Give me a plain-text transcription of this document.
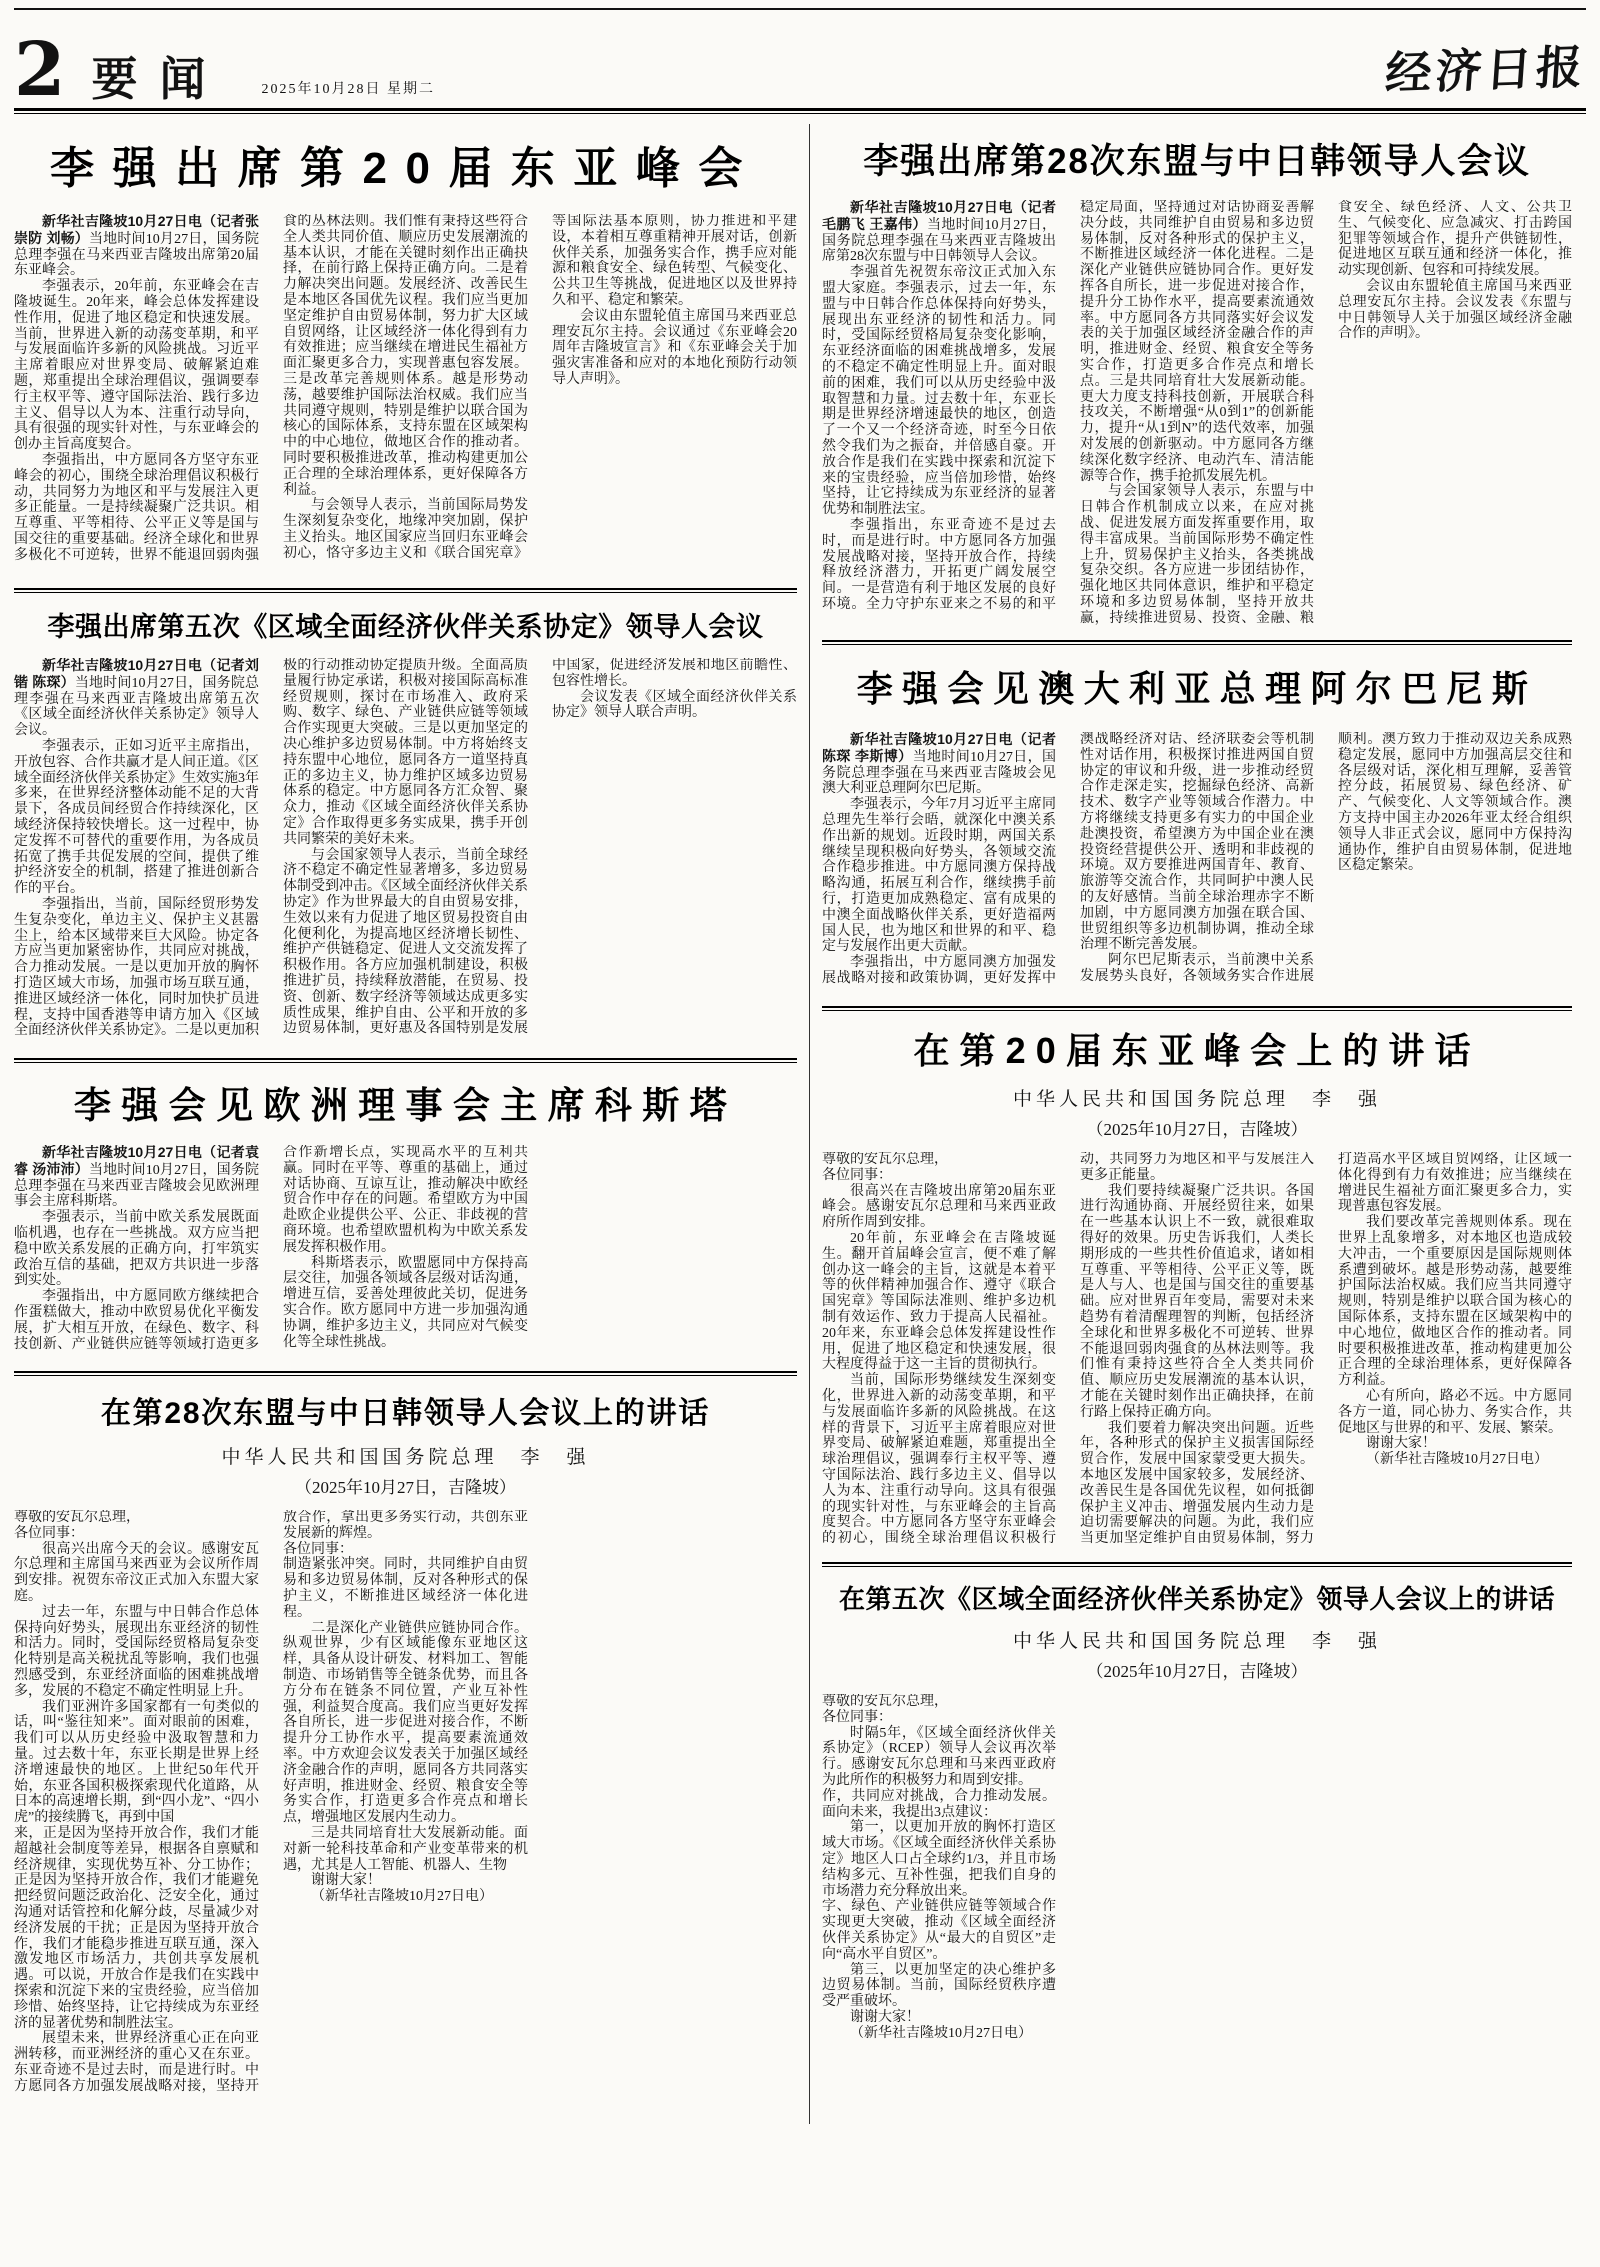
2 要闻 2025年10月28日 星期二	经济日报
李强出席第20届东亚峰会

新华社吉隆坡10月27日电（记者张崇防 刘畅）当地时间10月27日，国务院总理李强在马来西亚吉隆坡出席第20届东亚峰会。

李强表示，20年前，东亚峰会在吉隆坡诞生。20年来，峰会总体发挥建设性作用，促进了地区稳定和快速发展。当前，世界进入新的动荡变革期，和平与发展面临许多新的风险挑战。习近平主席着眼应对世界变局、破解紧迫难题，郑重提出全球治理倡议，强调要奉行主权平等、遵守国际法治、践行多边主义、倡导以人为本、注重行动导向，具有很强的现实针对性，与东亚峰会的创办主旨高度契合。

李强指出，中方愿同各方坚守东亚峰会的初心，围绕全球治理倡议积极行动，共同努力为地区和平与发展注入更多正能量。一是持续凝聚广泛共识。相互尊重、平等相待、公平正义等是国与国交往的重要基础。经济全球化和世界多极化不可逆转，世界不能退回弱肉强食的丛林法则。我们惟有秉持这些符合全人类共同价值、顺应历史发展潮流的基本认识，才能在关键时刻作出正确抉择，在前行路上保持正确方向。二是着力解决突出问题。发展经济、改善民生是本地区各国优先议程。我们应当更加坚定维护自由贸易体制，努力扩大区域自贸网络，让区域经济一体化得到有力有效推进；应当继续在增进民生福祉方面汇聚更多合力，实现普惠包容发展。三是改革完善规则体系。越是形势动荡，越要维护国际法治权威。我们应当共同遵守规则，特别是维护以联合国为核心的国际体系，支持东盟在区域架构中的中心地位，做地区合作的推动者。同时要积极推进改革，推动构建更加公正合理的全球治理体系，更好保障各方利益。

与会领导人表示，当前国际局势发生深刻复杂变化，地缘冲突加剧，保护主义抬头。地区国家应当回归东亚峰会初心，恪守多边主义和《联合国宪章》等国际法基本原则，协力推进和平建设，本着相互尊重精神开展对话，创新伙伴关系，加强务实合作，携手应对能源和粮食安全、绿色转型、气候变化、公共卫生等挑战，促进地区以及世界持久和平、稳定和繁荣。

会议由东盟轮值主席国马来西亚总理安瓦尔主持。会议通过《东亚峰会20周年吉隆坡宣言》和《东亚峰会关于加强灾害准备和应对的本地化预防行动领导人声明》。

李强出席第五次《区域全面经济伙伴关系协定》领导人会议

新华社吉隆坡10月27日电（记者刘锴 陈琛）当地时间10月27日，国务院总理李强在马来西亚吉隆坡出席第五次《区域全面经济伙伴关系协定》领导人会议。

李强表示，正如习近平主席指出，开放包容、合作共赢才是人间正道。《区域全面经济伙伴关系协定》生效实施3年多来，在世界经济整体动能不足的大背景下，各成员间经贸合作持续深化，区域经济保持较快增长。这一过程中，协定发挥不可替代的重要作用，为各成员拓宽了携手共促发展的空间，提供了维护经济安全的机制，搭建了推进创新合作的平台。

李强指出，当前，国际经贸形势发生复杂变化，单边主义、保护主义甚嚣尘上，给本区域带来巨大风险。协定各方应当更加紧密协作，共同应对挑战，合力推动发展。一是以更加开放的胸怀打造区域大市场，加强市场互联互通，推进区域经济一体化，同时加快扩员进程，支持中国香港等申请方加入《区域全面经济伙伴关系协定》。二是以更加积极的行动推动协定提质升级。全面高质量履行协定承诺，积极对接国际高标准经贸规则，探讨在市场准入、政府采购、数字、绿色、产业链供应链等领域合作实现更大突破。三是以更加坚定的决心维护多边贸易体制。中方将始终支持东盟中心地位，愿同各方一道坚持真正的多边主义，协力维护区域多边贸易体系的稳定。中方愿同各方汇众智、聚众力，推动《区域全面经济伙伴关系协定》合作取得更多务实成果，携手开创共同繁荣的美好未来。

与会国家领导人表示，当前全球经济不稳定不确定性显著增多，多边贸易体制受到冲击。《区域全面经济伙伴关系协定》作为世界最大的自由贸易安排，生效以来有力促进了地区贸易投资自由化便利化，为提高地区经济增长韧性、维护产供链稳定、促进人文交流发挥了积极作用。各方应加强机制建设，积极推进扩员，持续释放潜能，在贸易、投资、创新、数字经济等领域达成更多实质性成果，维护自由、公平和开放的多边贸易体制，更好惠及各国特别是发展中国家，促进经济发展和地区前瞻性、包容性增长。

会议发表《区域全面经济伙伴关系协定》领导人联合声明。

李强会见欧洲理事会主席科斯塔

新华社吉隆坡10月27日电（记者袁睿 汤沛沛）当地时间10月27日，国务院总理李强在马来西亚吉隆坡会见欧洲理事会主席科斯塔。

李强表示，当前中欧关系发展既面临机遇，也存在一些挑战。双方应当把稳中欧关系发展的正确方向，打牢筑实政治互信的基础，把双方共识进一步落到实处。

李强指出，中方愿同欧方继续把合作蛋糕做大，推动中欧贸易优化平衡发展，扩大相互开放，在绿色、数字、科技创新、产业链供应链等领域打造更多合作新增长点，实现高水平的互利共赢。同时在平等、尊重的基础上，通过对话协商、互谅互让，推动解决中欧经贸合作中存在的问题。希望欧方为中国赴欧企业提供公平、公正、非歧视的营商环境。也希望欧盟机构为中欧关系发展发挥积极作用。

科斯塔表示，欧盟愿同中方保持高层交往，加强各领域各层级对话沟通，增进互信，妥善处理彼此关切，促进务实合作。欧方愿同中方进一步加强沟通协调，维护多边主义，共同应对气候变化等全球性挑战。

在第28次东盟与中日韩领导人会议上的讲话
中华人民共和国国务院总理　李　强
（2025年10月27日，吉隆坡）

尊敬的安瓦尔总理，

各位同事：

很高兴出席今天的会议。感谢安瓦尔总理和主席国马来西亚为会议所作周到安排。祝贺东帝汶正式加入东盟大家庭。

过去一年，东盟与中日韩合作总体保持向好势头，展现出东亚经济的韧性和活力。同时，受国际经贸格局复杂变化特别是高关税扰乱等影响，我们也强烈感受到，东亚经济面临的困难挑战增多，发展的不稳定不确定性明显上升。

我们亚洲许多国家都有一句类似的话，叫“鉴往知来”。面对眼前的困难，我们可以从历史经验中汲取智慧和力量。过去数十年，东亚长期是世界上经济增速最快的地区。上世纪50年代开始，东亚各国积极探索现代化道路，从日本的高速增长期，到“四小龙”、“四小虎”的接续腾飞，再到中国

来，正是因为坚持开放合作，我们才能超越社会制度等差异，根据各自禀赋和经济规律，实现优势互补、分工协作；正是因为坚持开放合作，我们才能避免把经贸问题泛政治化、泛安全化，通过沟通对话管控和化解分歧，尽量减少对经济发展的干扰；正是因为坚持开放合作，我们才能稳步推进互联互通，深入激发地区市场活力，共创共享发展机遇。可以说，开放合作是我们在实践中探索和沉淀下来的宝贵经验，应当倍加珍惜、始终坚持，让它持续成为东亚经济的显著优势和制胜法宝。

展望未来，世界经济重心正在向亚洲转移，而亚洲经济的重心又在东亚。东亚奇迹不是过去时，而是进行时。中方愿同各方加强发展战略对接，坚持开放合作，拿出更多务实行动，共创东亚发展新的辉煌。

各位同事：

制造紧张冲突。同时，共同维护自由贸易和多边贸易体制，反对各种形式的保护主义，不断推进区域经济一体化进程。

二是深化产业链供应链协同合作。纵观世界，少有区域能像东亚地区这样，具备从设计研发、材料加工、智能制造、市场销售等全链条优势，而且各方分布在链条不同位置，产业互补性强，利益契合度高。我们应当更好发挥各自所长，进一步促进对接合作，不断提升分工协作水平，提高要素流通效率。中方欢迎会议发表关于加强区域经济金融合作的声明，愿同各方共同落实好声明，推进财金、经贸、粮食安全等务实合作，打造更多合作亮点和增长点，增强地区发展内生动力。

三是共同培育壮大发展新动能。面对新一轮科技革命和产业变革带来的机遇，尤其是人工智能、机器人、生物

谢谢大家！

（新华社吉隆坡10月27日电）

李强出席第28次东盟与中日韩领导人会议

新华社吉隆坡10月27日电（记者毛鹏飞 王嘉伟）当地时间10月27日，国务院总理李强在马来西亚吉隆坡出席第28次东盟与中日韩领导人会议。

李强首先祝贺东帝汶正式加入东盟大家庭。李强表示，过去一年，东盟与中日韩合作总体保持向好势头，展现出东亚经济的韧性和活力。同时，受国际经贸格局复杂变化影响，东亚经济面临的困难挑战增多，发展的不稳定不确定性明显上升。面对眼前的困难，我们可以从历史经验中汲取智慧和力量。过去数十年，东亚长期是世界经济增速最快的地区，创造了一个又一个经济奇迹，时至今日依然令我们为之振奋，并倍感自豪。开放合作是我们在实践中探索和沉淀下来的宝贵经验，应当倍加珍惜，始终坚持，让它持续成为东亚经济的显著优势和制胜法宝。

李强指出，东亚奇迹不是过去时，而是进行时。中方愿同各方加强发展战略对接，坚持开放合作，持续释放经济潜力，开拓更广阔发展空间。一是营造有利于地区发展的良好环境。全力守护东亚来之不易的和平稳定局面，坚持通过对话协商妥善解决分歧，共同维护自由贸易和多边贸易体制，反对各种形式的保护主义，不断推进区域经济一体化进程。二是深化产业链供应链协同合作。更好发挥各自所长，进一步促进对接合作，提升分工协作水平，提高要素流通效率。中方愿同各方共同落实好会议发表的关于加强区域经济金融合作的声明，推进财金、经贸、粮食安全等务实合作，打造更多合作亮点和增长点。三是共同培育壮大发展新动能。更大力度支持科技创新，开展联合科技攻关，不断增强“从0到1”的创新能力，提升“从1到N”的迭代效率，加强对发展的创新驱动。中方愿同各方继续深化数字经济、电动汽车、清洁能源等合作，携手抢抓发展先机。

与会国家领导人表示，东盟与中日韩合作机制成立以来，在应对挑战、促进发展方面发挥重要作用，取得丰富成果。当前国际形势不确定性上升，贸易保护主义抬头，各类挑战复杂交织。各方应进一步团结协作，强化地区共同体意识，维护和平稳定环境和多边贸易体制，坚持开放共赢，持续推进贸易、投资、金融、粮食安全、绿色经济、人文、公共卫生、气候变化、应急减灾、打击跨国犯罪等领域合作，提升产供链韧性，促进地区互联互通和经济一体化，推动实现创新、包容和可持续发展。

会议由东盟轮值主席国马来西亚总理安瓦尔主持。会议发表《东盟与中日韩领导人关于加强区域经济金融合作的声明》。

李强会见澳大利亚总理阿尔巴尼斯

新华社吉隆坡10月27日电（记者陈琛 李斯博）当地时间10月27日，国务院总理李强在马来西亚吉隆坡会见澳大利亚总理阿尔巴尼斯。

李强表示，今年7月习近平主席同总理先生举行会晤，就深化中澳关系作出新的规划。近段时期，两国关系继续呈现积极向好势头，各领域交流合作稳步推进。中方愿同澳方保持战略沟通，拓展互利合作，继续携手前行，打造更加成熟稳定、富有成果的中澳全面战略伙伴关系，更好造福两国人民，也为地区和世界的和平、稳定与发展作出更大贡献。

李强指出，中方愿同澳方加强发展战略对接和政策协调，更好发挥中澳战略经济对话、经济联委会等机制性对话作用，积极探讨推进两国自贸协定的审议和升级，进一步推动经贸合作走深走实，挖掘绿色经济、高新技术、数字产业等领域合作潜力。中方将继续支持更多有实力的中国企业赴澳投资，希望澳方为中国企业在澳投资经营提供公开、透明和非歧视的环境。双方要推进两国青年、教育、旅游等交流合作，共同呵护中澳人民的友好感情。当前全球治理赤字不断加剧，中方愿同澳方加强在联合国、世贸组织等多边机制协调，推动全球治理不断完善发展。

阿尔巴尼斯表示，当前澳中关系发展势头良好，各领域务实合作进展顺利。澳方致力于推动双边关系成熟稳定发展，愿同中方加强高层交往和各层级对话，深化相互理解，妥善管控分歧，拓展贸易、绿色经济、矿产、气候变化、人文等领域合作。澳方支持中国主办2026年亚太经合组织领导人非正式会议，愿同中方保持沟通协作，维护自由贸易体制，促进地区稳定繁荣。

在第20届东亚峰会上的讲话
中华人民共和国国务院总理　李　强
（2025年10月27日，吉隆坡）

尊敬的安瓦尔总理，

各位同事：

很高兴在吉隆坡出席第20届东亚峰会。感谢安瓦尔总理和马来西亚政府所作周到安排。

20年前，东亚峰会在吉隆坡诞生。翻开首届峰会宣言，便不难了解创办这一峰会的主旨，这就是本着平等的伙伴精神加强合作、遵守《联合国宪章》等国际法准则、维护多边机制有效运作、致力于提高人民福祉。20年来，东亚峰会总体发挥建设性作用，促进了地区稳定和快速发展，很大程度得益于这一主旨的贯彻执行。

当前，国际形势继续发生深刻变化，世界进入新的动荡变革期，和平与发展面临许多新的风险挑战。在这样的背景下，习近平主席着眼应对世界变局、破解紧迫难题，郑重提出全球治理倡议，强调奉行主权平等、遵守国际法治、践行多边主义、倡导以人为本、注重行动导向。这具有很强的现实针对性，与东亚峰会的主旨高度契合。中方愿同各方坚守东亚峰会的初心，围绕全球治理倡议积极行动，共同努力为地区和平与发展注入更多正能量。

我们要持续凝聚广泛共识。各国进行沟通协商、开展经贸往来，如果在一些基本认识上不一致，就很难取得好的效果。历史告诉我们，人类长期形成的一些共性价值追求，诸如相互尊重、平等相待、公平正义等，既是人与人、也是国与国交往的重要基础。应对世界百年变局，需要对未来趋势有着清醒理智的判断，包括经济全球化和世界多极化不可逆转、世界不能退回弱肉强食的丛林法则等。我们惟有秉持这些符合全人类共同价值、顺应历史发展潮流的基本认识，才能在关键时刻作出正确抉择，在前行路上保持正确方向。

我们要着力解决突出问题。近些年，各种形式的保护主义损害国际经贸合作，发展中国家蒙受更大损失。本地区发展中国家较多，发展经济、改善民生是各国优先议程，如何抵御保护主义冲击、增强发展内生动力是迫切需要解决的问题。为此，我们应当更加坚定维护自由贸易体制，努力打造高水平区域自贸网络，让区域一体化得到有力有效推进；应当继续在增进民生福祉方面汇聚更多合力，实现普惠包容发展。

我们要改革完善规则体系。现在世界上乱象增多，对本地区也造成较大冲击，一个重要原因是国际规则体系遭到破坏。越是形势动荡，越要维护国际法治权威。我们应当共同遵守规则，特别是维护以联合国为核心的国际体系，支持东盟在区域架构中的中心地位，做地区合作的推动者。同时要积极推进改革，推动构建更加公正合理的全球治理体系，更好保障各方利益。

心有所向，路必不远。中方愿同各方一道，同心协力、务实合作，共促地区与世界的和平、发展、繁荣。

谢谢大家！

（新华社吉隆坡10月27日电）

在第五次《区域全面经济伙伴关系协定》领导人会议上的讲话
中华人民共和国国务院总理　李　强
（2025年10月27日，吉隆坡）

尊敬的安瓦尔总理，

各位同事：

时隔5年，《区域全面经济伙伴关系协定》（RCEP）领导人会议再次举行。感谢安瓦尔总理和马来西亚政府为此所作的积极努力和周到安排。

作，共同应对挑战，合力推动发展。面向未来，我提出3点建议：

第一，以更加开放的胸怀打造区域大市场。《区域全面经济伙伴关系协定》地区人口占全球约1/3，并且市场结构多元、互补性强，把我们自身的市场潜力充分释放出来。

字、绿色、产业链供应链等领域合作实现更大突破，推动《区域全面经济伙伴关系协定》从“最大的自贸区”走向“高水平自贸区”。

第三，以更加坚定的决心维护多边贸易体制。当前，国际经贸秩序遭受严重破坏。

谢谢大家！

（新华社吉隆坡10月27日电）
